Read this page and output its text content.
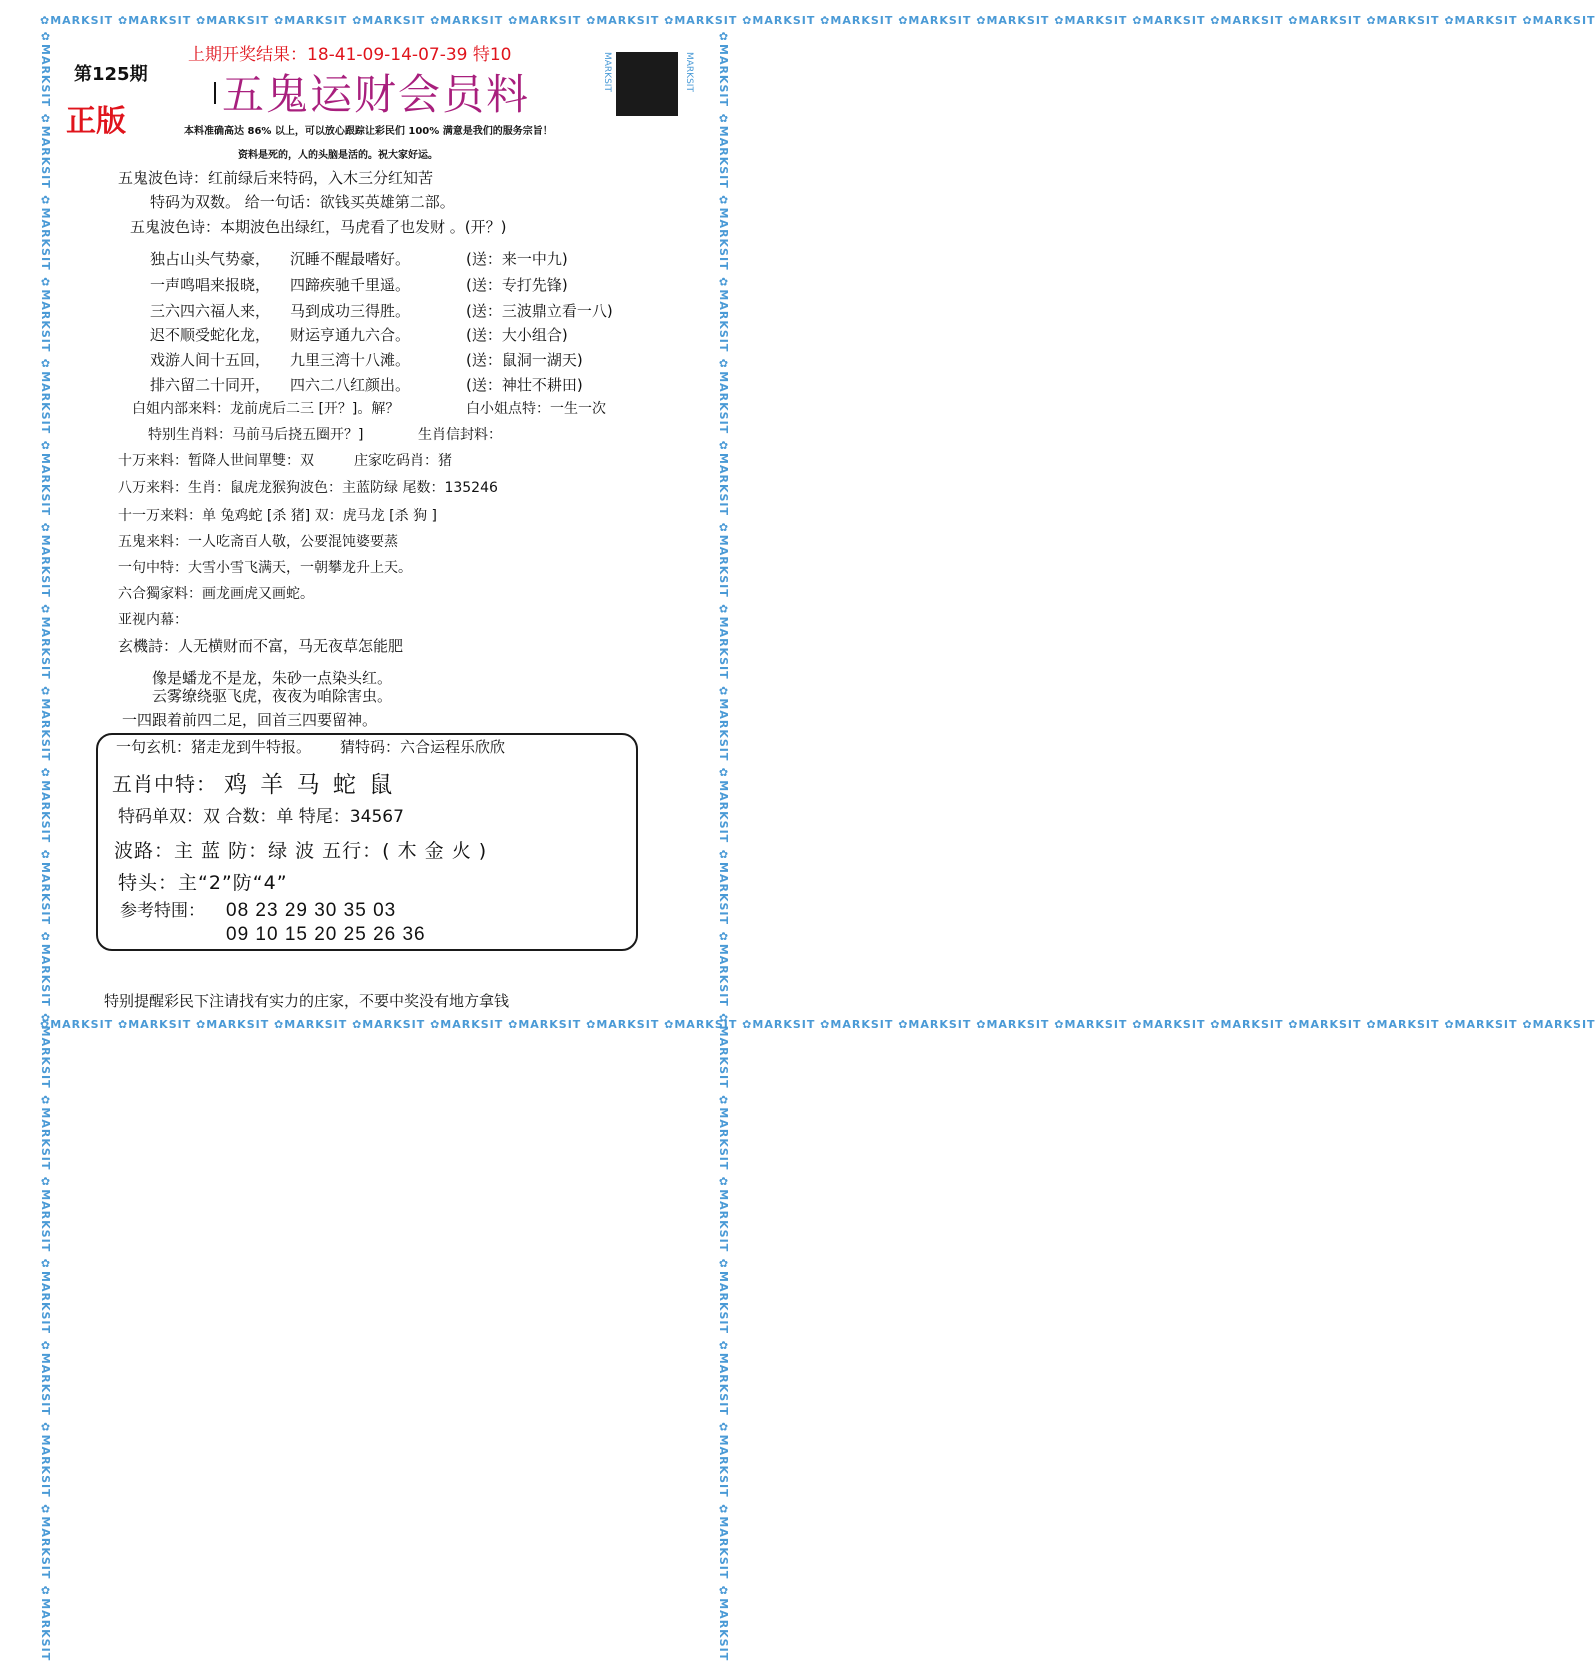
✿MARKSIT ✿MARKSIT ✿MARKSIT ✿MARKSIT ✿MARKSIT ✿MARKSIT ✿MARKSIT ✿MARKSIT ✿MARKSIT ✿MARKSIT ✿MARKSIT ✿MARKSIT ✿MARKSIT ✿MARKSIT ✿MARKSIT ✿MARKSIT ✿MARKSIT ✿MARKSIT ✿MARKSIT ✿MARKSIT
✿MARKSIT ✿MARKSIT ✿MARKSIT ✿MARKSIT ✿MARKSIT ✿MARKSIT ✿MARKSIT ✿MARKSIT ✿MARKSIT ✿MARKSIT ✿MARKSIT ✿MARKSIT ✿MARKSIT ✿MARKSIT ✿MARKSIT ✿MARKSIT ✿MARKSIT ✿MARKSIT ✿MARKSIT ✿MARKSIT
✿MARKSIT ✿MARKSIT ✿MARKSIT ✿MARKSIT ✿MARKSIT ✿MARKSIT ✿MARKSIT ✿MARKSIT ✿MARKSIT ✿MARKSIT ✿MARKSIT ✿MARKSIT ✿MARKSIT ✿MARKSIT ✿MARKSIT ✿MARKSIT ✿MARKSIT ✿MARKSIT ✿MARKSIT ✿MARKSIT	✿MARKSIT ✿MARKSIT ✿MARKSIT ✿MARKSIT ✿MARKSIT ✿MARKSIT ✿MARKSIT ✿MARKSIT ✿MARKSIT ✿MARKSIT ✿MARKSIT ✿MARKSIT ✿MARKSIT ✿MARKSIT ✿MARKSIT ✿MARKSIT ✿MARKSIT ✿MARKSIT ✿MARKSIT ✿MARKSIT
第125期
上期开奖结果：18-41-09-14-07-39 特10
五鬼运财会员料
正版
MARKSIT	MARKSIT
本料准确高达 86% 以上，可以放心跟踪让彩民们 100% 满意是我们的服务宗旨！
资料是死的，人的头脑是活的。祝大家好运。
五鬼波色诗：红前绿后来特码，入木三分红知苦
特码为双数。 给一句话：欲钱买英雄第二部。
五鬼波色诗：本期波色出绿红，马虎看了也发财 。(开？)
独占山头气势豪， 沉睡不醒最嗜好。	(送：来一中九)
一声鸣唱来报晓， 四蹄疾驰千里遥。	(送：专打先锋)
三六四六福人来， 马到成功三得胜。	(送：三波鼎立看一八)
迟不顺受蛇化龙， 财运亨通九六合。	(送：大小组合)
戏游人间十五回， 九里三湾十八滩。	(送：鼠洞一湖天)
排六留二十同开， 四六二八红颜出。	(送：神壮不耕田)
白姐内部来料：龙前虎后二三 [开？]。解？	白小姐点特：一生一次
特别生肖料：马前马后挠五圈开？]	生肖信封料：
十万来料：暂降人世间單雙：双	庄家吃码肖：猪
八万来料：生肖：鼠虎龙猴狗波色：主蓝防绿 尾数：135246
十一万来料：单 兔鸡蛇 [杀 猪] 双：虎马龙 [杀 狗 ]
五鬼来料：一人吃斋百人敬，公要混饨婆要蒸
一句中特：大雪小雪飞满天，一朝攀龙升上天。
六合獨家料：画龙画虎又画蛇。
亚视内幕：
玄機詩：人无横财而不富，马无夜草怎能肥
像是蟠龙不是龙，朱砂一点染头红。
云雾缭绕驱飞虎，夜夜为咱除害虫。
一四跟着前四二足，回首三四要留神。
一句玄机：猪走龙到牛特报。 猜特码：六合运程乐欣欣
五肖中特： 鸡 羊 马 蛇 鼠
特码单双：双 合数：单 特尾：34567
波路：主 蓝 防：绿 波 五行：( 木 金 火 )
特头：主“2”防“4”
参考特围： 08 23 29 30 35 03
09 10 15 20 25 26 36
特别提醒彩民下注请找有实力的庄家，不要中奖没有地方拿钱
